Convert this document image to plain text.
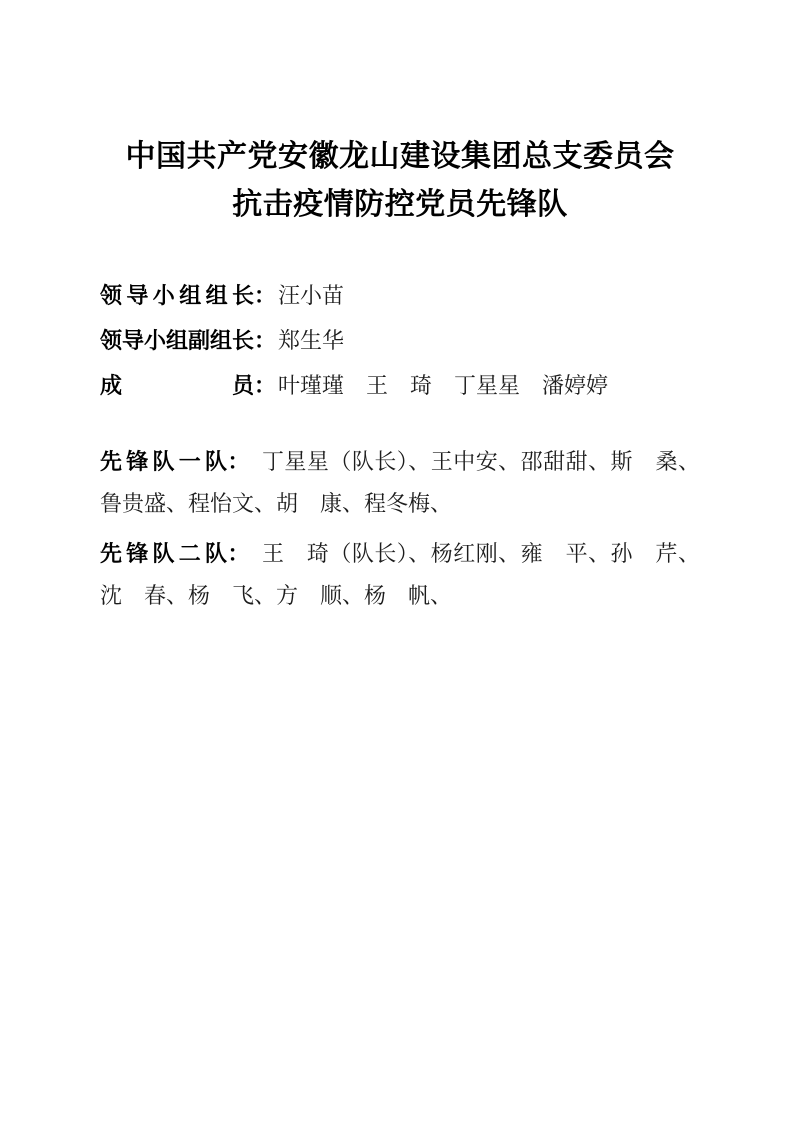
中国共产党安徽龙山建设集团总支委员会
抗击疫情防控党员先锋队

领导小组组长：汪小苗

领导小组副组长：郑生华

成员：叶瑾瑾　王　琦　丁星星　潘婷婷

先锋队一队： 丁星星（队长）、王中安、邵甜甜、斯　桑、鲁贵盛、程怡文、胡　康、程冬梅、

先锋队二队： 王　琦（队长）、杨红刚、雍　平、孙　芹、沈　春、杨　飞、方　顺、杨　帆、
